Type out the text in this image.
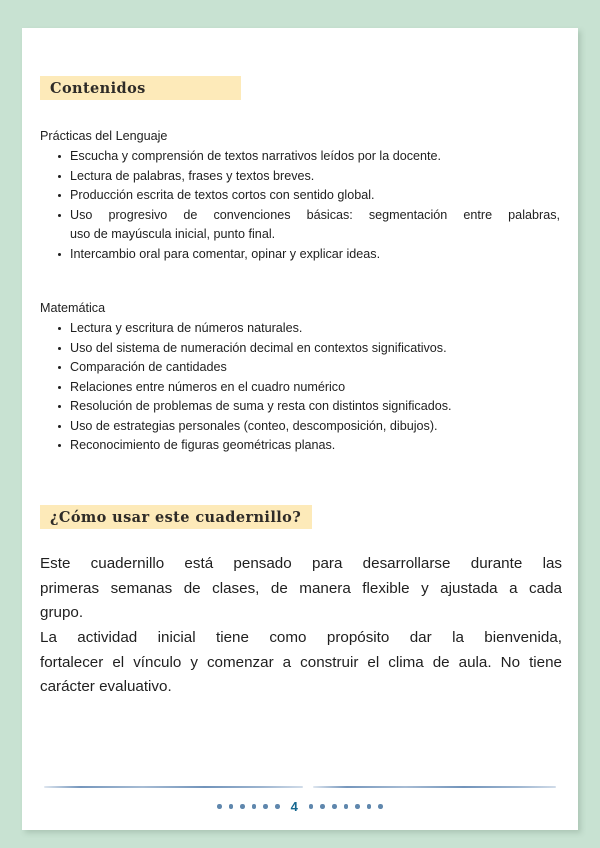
Contenidos

Prácticas del Lenguaje

Escucha y comprensión de textos narrativos leídos por la docente.
Lectura de palabras, frases y textos breves.
Producción escrita de textos cortos con sentido global.
Uso progresivo de convenciones básicas: segmentación entre palabras,
uso de mayúscula inicial, punto final.
Intercambio oral para comentar, opinar y explicar ideas.

Matemática

Lectura y escritura de números naturales.
Uso del sistema de numeración decimal en contextos significativos.
Comparación de cantidades
Relaciones entre números en el cuadro numérico
Resolución de problemas de suma y resta con distintos significados.
Uso de estrategias personales (conteo, descomposición, dibujos).
Reconocimiento de figuras geométricas planas.
¿Cómo usar este cuadernillo?

Este cuadernillo está pensado para desarrollarse durante las
primeras semanas de clases, de manera flexible y ajustada a cada
grupo.

La actividad inicial tiene como propósito dar la bienvenida,
fortalecer el vínculo y comenzar a construir el clima de aula. No tiene
carácter evaluativo.

4
